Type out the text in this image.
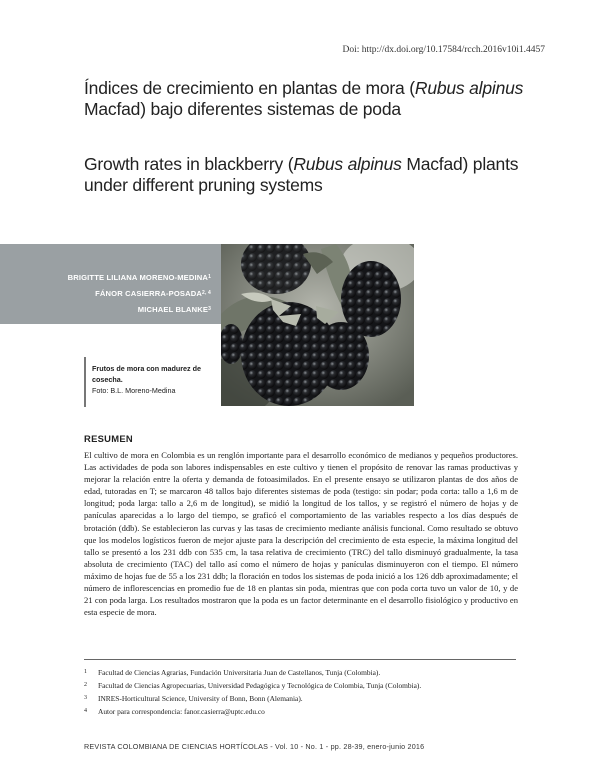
Doi: http://dx.doi.org/10.17584/rcch.2016v10i1.4457
Índices de crecimiento en plantas de mora (Rubus alpinus Macfad) bajo diferentes sistemas de poda
Growth rates in blackberry (Rubus alpinus Macfad) plants under different pruning systems
BRIGITTE LILIANA MORENO-MEDINA$^1$
FÁNOR CASIERRA-POSADA$^{2, 4}$
MICHAEL BLANKE$^3$
Frutos de mora con madurez de cosecha.
Foto: B.L. Moreno-Medina
RESUMEN

El cultivo de mora en Colombia es un renglón importante para el desarrollo económico de medianos y pequeños productores. Las actividades de poda son labores indispensables en este cultivo y tienen el propósito de renovar las ramas productivas y mejorar la relación entre la oferta y demanda de fotoasimilados. En el presente ensayo se utilizaron plantas de dos años de edad, tutoradas en T; se marcaron 48 tallos bajo diferentes sistemas de poda (testigo: sin podar; poda corta: tallo a 1,6 m de longitud; poda larga: tallo a 2,6 m de longitud), se midió la longitud de los tallos, y se registró el número de hojas y de panículas aparecidas a lo largo del tiempo, se graficó el comportamiento de las variables respecto a los días después de brotación (ddb). Se establecieron las curvas y las tasas de crecimiento mediante análisis funcional. Como resultado se obtuvo que los modelos logísticos fueron de mejor ajuste para la descripción del crecimiento de esta especie, la máxima longitud del tallo se presentó a los 231 ddb con 535 cm, la tasa relativa de crecimiento (TRC) del tallo disminuyó gradualmente, la tasa absoluta de crecimiento (TAC) del tallo así como el número de hojas y panículas disminuyeron con el tiempo. El número máximo de hojas fue de 55 a los 231 ddb; la floración en todos los sistemas de poda inició a los 126 ddb aproximadamente; el número de inflorescencias en promedio fue de 18 en plantas sin poda, mientras que con poda corta tuvo un valor de 10, y de 21 con poda larga. Los resultados mostraron que la poda es un factor determinante en el desarrollo fisiológico y productivo en esta especie de mora.

1	Facultad de Ciencias Agrarias, Fundación Universitaria Juan de Castellanos, Tunja (Colombia).
2	Facultad de Ciencias Agropecuarias, Universidad Pedagógica y Tecnológica de Colombia, Tunja (Colombia).
3	INRES-Horticultural Science, University of Bonn, Bonn (Alemania).
4	Autor para correspondencia: fanor.casierra@uptc.edu.co
REVISTA COLOMBIANA DE CIENCIAS HORTÍCOLAS - Vol. 10 - No. 1 - pp. 28-39, enero-junio 2016
